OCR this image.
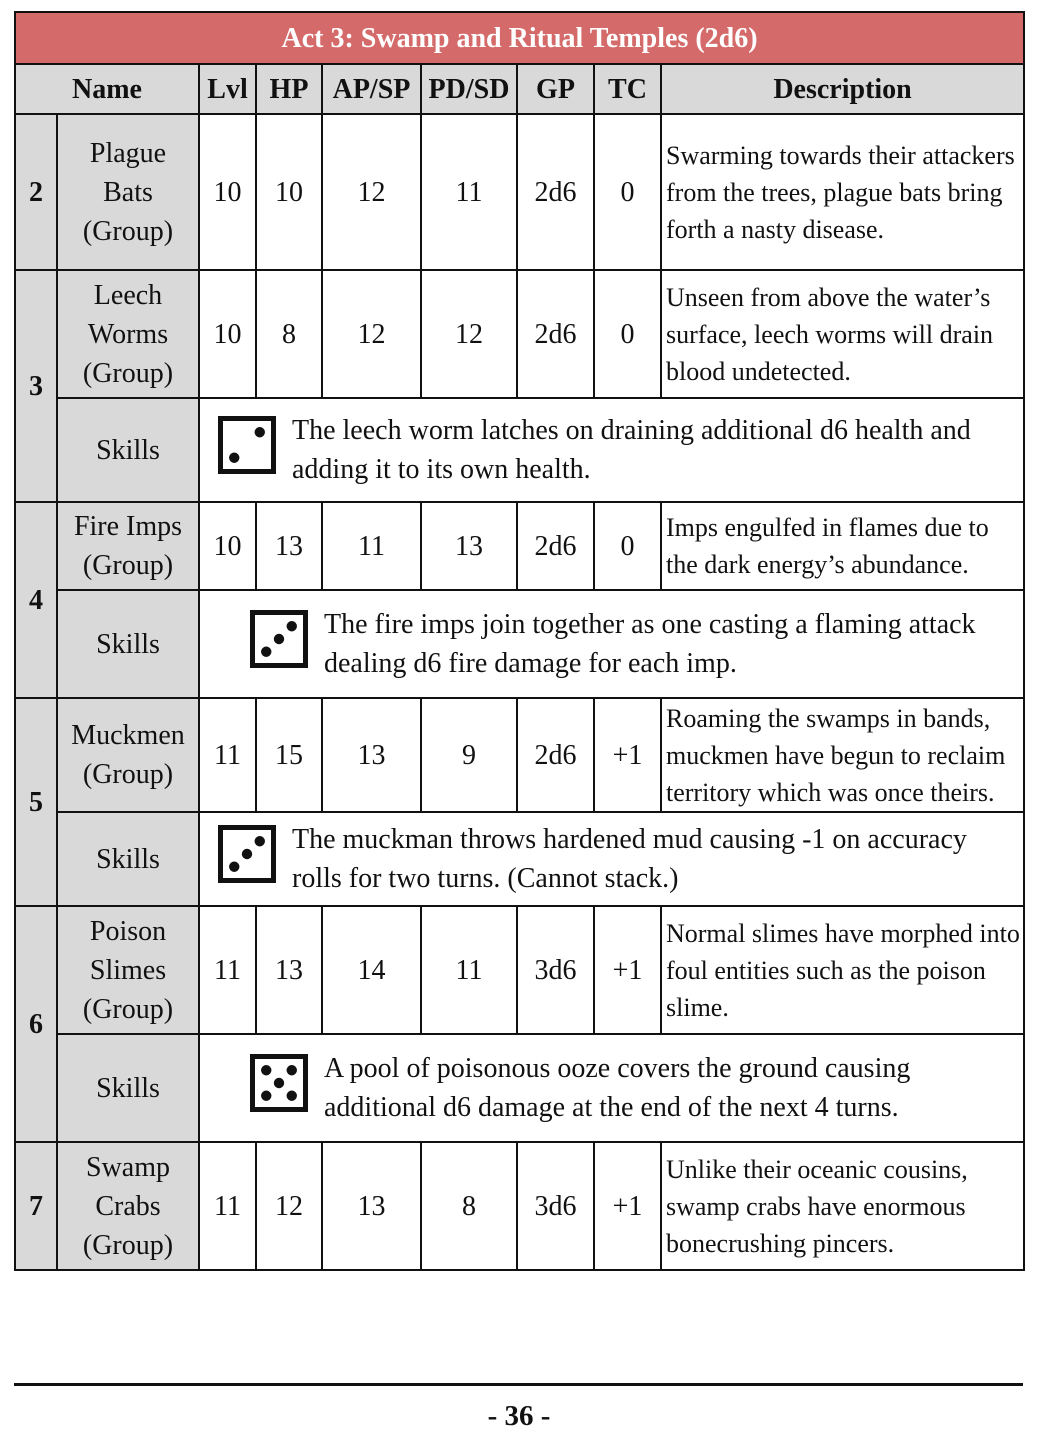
Act 3: Swamp and Ritual Temples (2d6)								
Name		Lvl	HP	AP/SP	PD/SD	GP	TC	Description
2	Plague
Bats
(Group)	10	10	12	11	2d6	0	Swarming towards their attackers from the trees, plague bats bring forth a nasty disease.
3	Leech
Worms
(Group)	10	8	12	12	2d6	0	Unseen from above the water’s surface, leech worms will drain blood undetected.
	Skills	The leech worm latches on draining additional d6 health and adding it to its own health.						

4	Fire Imps
(Group)	10	13	11	13	2d6	0	Imps engulfed in flames due to the dark energy’s abundance.
	Skills	The fire imps join together as one casting a flaming attack dealing d6 fire damage for each imp.						

5	Muckmen
(Group)	11	15	13	9	2d6	+1	Roaming the swamps in bands, muckmen have begun to reclaim territory which was once theirs.
	Skills	The muckman throws hardened mud causing -1 on accuracy rolls for two turns. (Cannot stack.)						

6	Poison
Slimes
(Group)	11	13	14	11	3d6	+1	Normal slimes have morphed into foul entities such as the poison slime.
	Skills	A pool of poisonous ooze covers the ground causing additional d6 damage at the end of the next 4 turns.						

7	Swamp
Crabs
(Group)	11	12	13	8	3d6	+1	Unlike their oceanic cousins, swamp crabs have enormous bonecrushing pincers.
- 36 -
